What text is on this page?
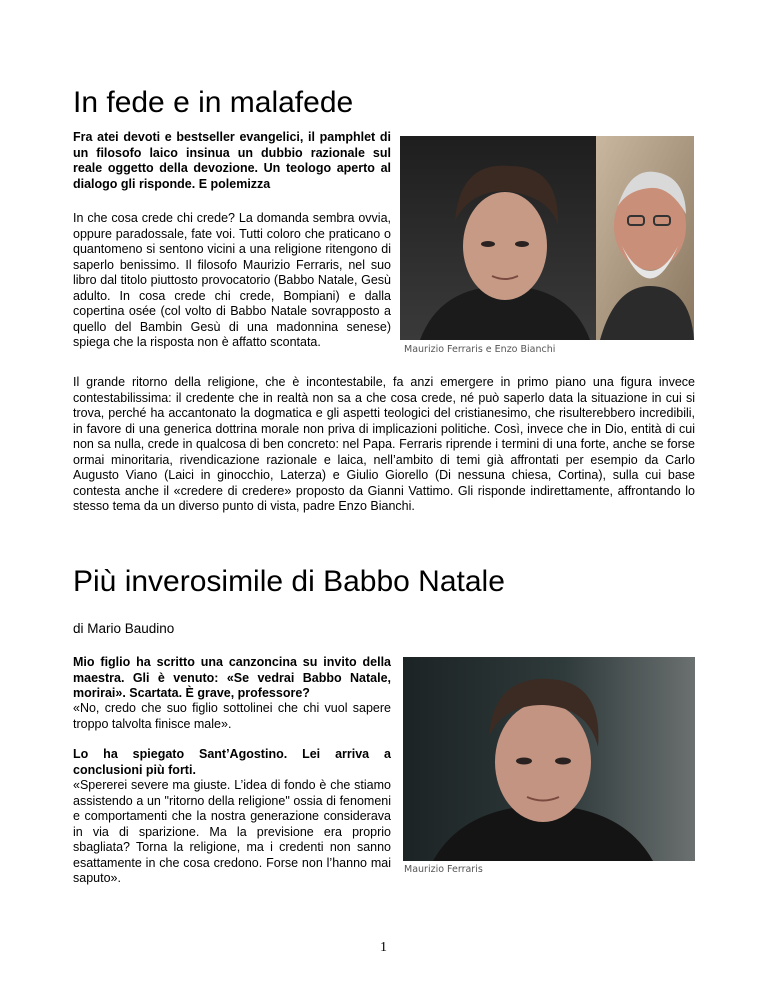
In fede e in malafede

Fra atei devoti e bestseller evangelici, il pamphlet di un filosofo laico insinua un dubbio razionale sul reale oggetto della devozione. Un teologo aperto al dialogo gli risponde. E polemizza

In che cosa crede chi crede? La domanda sembra ovvia, oppure paradossale, fate voi. Tutti coloro che praticano o quantomeno si sentono vicini a una religione ritengono di saperlo benissimo. Il filosofo Maurizio Ferraris, nel suo libro dal titolo piuttosto provocatorio (Babbo Natale, Gesù adulto. In cosa crede chi crede, Bompiani) e dalla copertina osée (col volto di Babbo Natale sovrapposto a quello del Bambin Gesù di una madonnina senese) spiega che la risposta non è affatto scontata.

Maurizio Ferraris e Enzo Bianchi

Il grande ritorno della religione, che è incontestabile, fa anzi emergere in primo piano una figura invece contestabilissima: il credente che in realtà non sa a che cosa crede, né può saperlo data la situazione in cui si trova, perché ha accantonato la dogmatica e gli aspetti teologici del cristianesimo, che risulterebbero incredibili, in favore di una generica dottrina morale non priva di implicazioni politiche. Così, invece che in Dio, entità di cui non sa nulla, crede in qualcosa di ben concreto: nel Papa. Ferraris riprende i termini di una forte, anche se forse ormai minoritaria, rivendicazione razionale e laica, nell’ambito di temi già affrontati per esempio da Carlo Augusto Viano (Laici in ginocchio, Laterza) e Giulio Giorello (Di nessuna chiesa, Cortina), sulla cui base contesta anche il «credere di credere» proposto da Gianni Vattimo. Gli risponde indirettamente, affrontando lo stesso tema da un diverso punto di vista, padre Enzo Bianchi.

Più inverosimile di Babbo Natale

di Mario Baudino

Mio figlio ha scritto una canzoncina su invito della maestra. Gli è venuto: «Se vedrai Babbo Natale, morirai». Scartata. È grave, professore?

«No, credo che suo figlio sottolinei che chi vuol sapere troppo talvolta finisce male».

Lo ha spiegato Sant’Agostino. Lei arriva a conclusioni più forti.

«Spererei severe ma giuste. L’idea di fondo è che stiamo assistendo a un "ritorno della religione" ossia di fenomeni e comportamenti che la nostra generazione considerava in via di sparizione. Ma la previsione era proprio sbagliata? Torna la religione, ma i credenti non sanno esattamente in che cosa credono. Forse non l’hanno mai saputo».

Maurizio Ferraris
1
